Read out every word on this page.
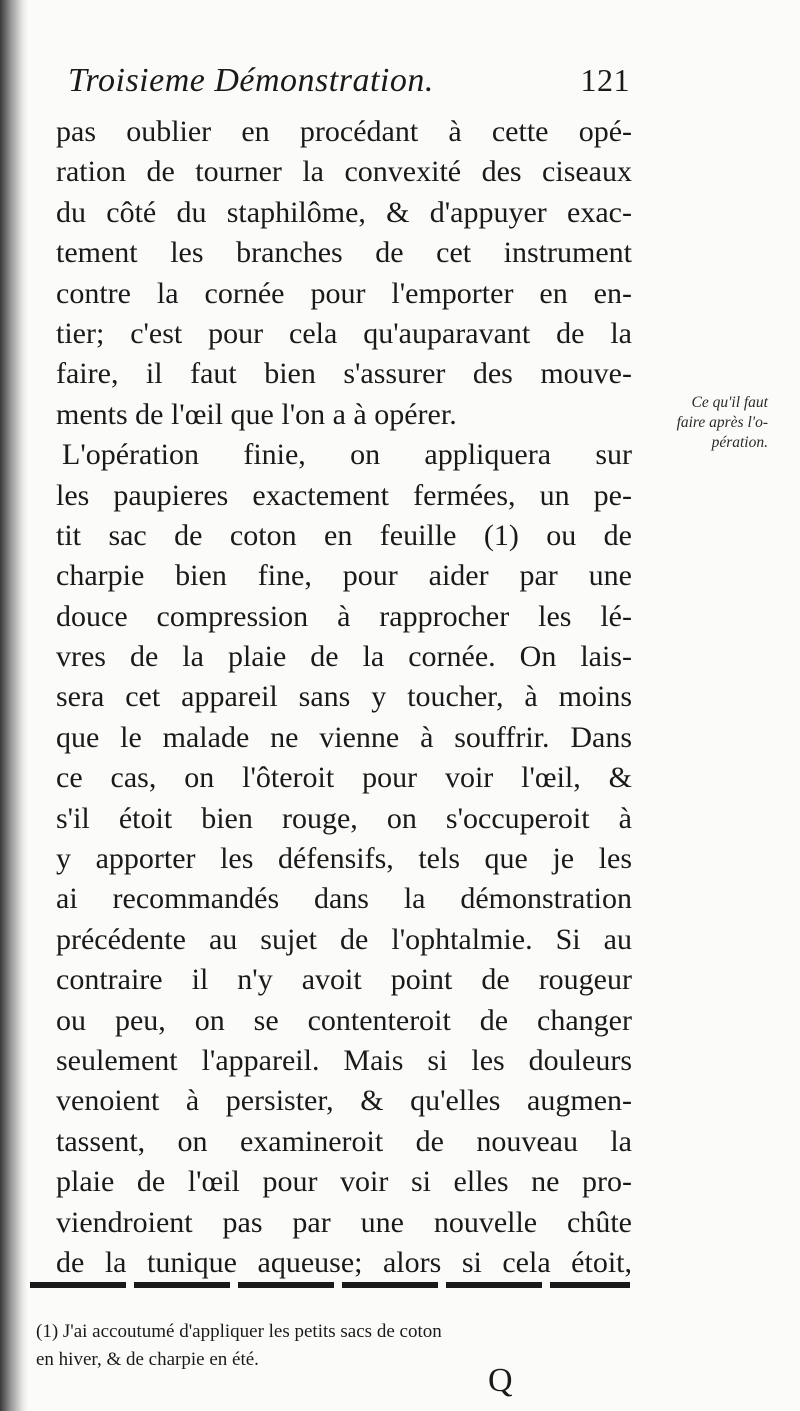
Troisieme Démonstration.	121
pas oublier en procédant à cette opé-
ration de tourner la convexité des ciseaux
du côté du staphilôme, & d'appuyer exac-
tement les branches de cet instrument
contre la cornée pour l'emporter en en-
tier; c'est pour cela qu'auparavant de la
faire, il faut bien s'assurer des mouve-
ments de l'œil que l'on a à opérer.
L'opération finie, on appliquera sur
les paupieres exactement fermées, un pe-
tit sac de coton en feuille (1) ou de
charpie bien fine, pour aider par une
douce compression à rapprocher les lé-
vres de la plaie de la cornée. On lais-
sera cet appareil sans y toucher, à moins
que le malade ne vienne à souffrir. Dans
ce cas, on l'ôteroit pour voir l'œil, &
s'il étoit bien rouge, on s'occuperoit à
y apporter les défensifs, tels que je les
ai recommandés dans la démonstration
précédente au sujet de l'ophtalmie. Si au
contraire il n'y avoit point de rougeur
ou peu, on se contenteroit de changer
seulement l'appareil. Mais si les douleurs
venoient à persister, & qu'elles augmen-
tassent, on examineroit de nouveau la
plaie de l'œil pour voir si elles ne pro-
viendroient pas par une nouvelle chûte
de la tunique aqueuse; alors si cela étoit,
Ce qu'il faut
faire après l'o-
pération.
(1) J'ai accoutumé d'appliquer les petits sacs de coton
en hiver, & de charpie en été.
Q
